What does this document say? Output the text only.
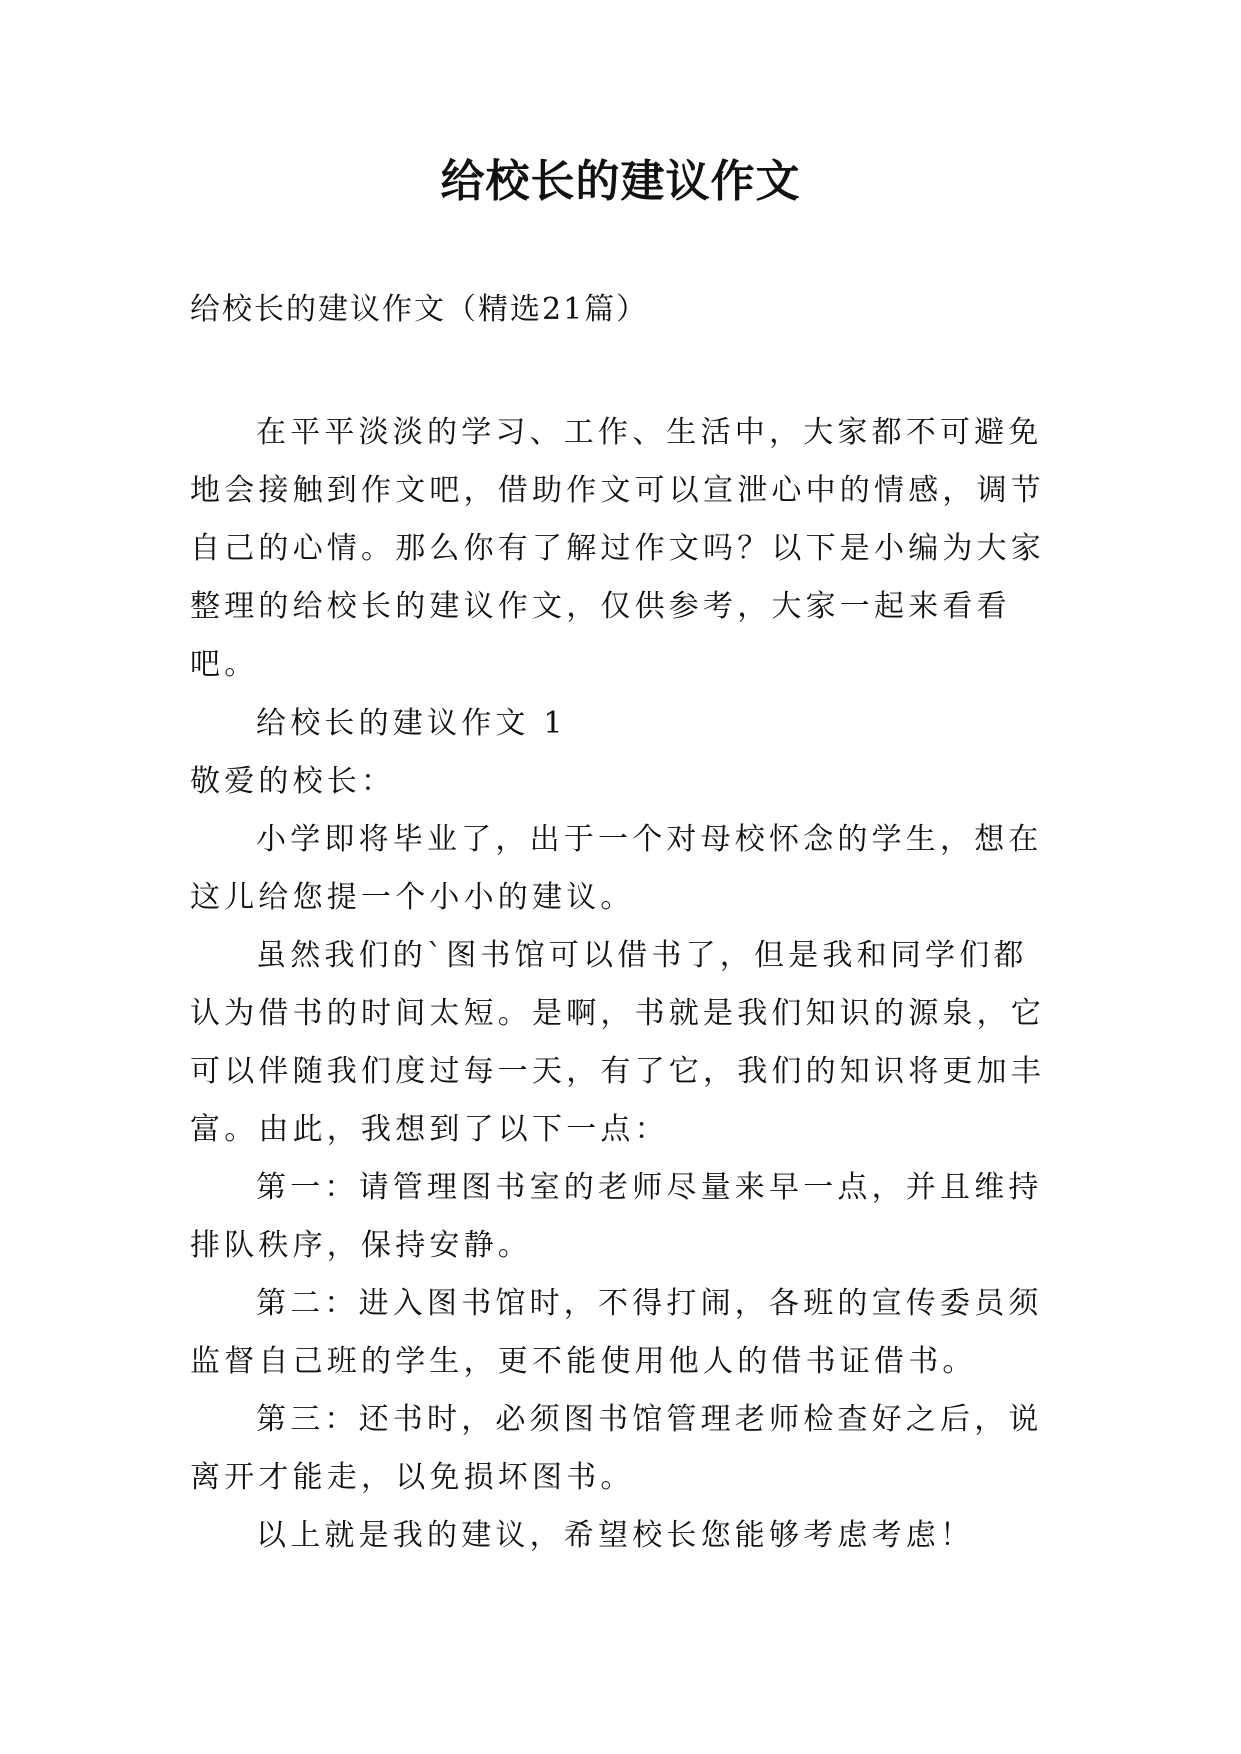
给校长的建议作文
给校长的建议作文（精选21篇）

在平平淡淡的学习、工作、生活中，大家都不可避免地会接触到作文吧，借助作文可以宣泄心中的情感，调节自己的心情。那么你有了解过作文吗？以下是小编为大家整理的给校长的建议作文，仅供参考，大家一起来看看吧。

给校长的建议作文 1

敬爱的校长：

小学即将毕业了，出于一个对母校怀念的学生，想在这儿给您提一个小小的建议。

虽然我们的`图书馆可以借书了，但是我和同学们都认为借书的时间太短。是啊，书就是我们知识的源泉，它可以伴随我们度过每一天，有了它，我们的知识将更加丰富。由此，我想到了以下一点：

第一：请管理图书室的老师尽量来早一点，并且维持排队秩序，保持安静。

第二：进入图书馆时，不得打闹，各班的宣传委员须监督自己班的学生，更不能使用他人的借书证借书。

第三：还书时，必须图书馆管理老师检查好之后，说离开才能走，以免损坏图书。

以上就是我的建议，希望校长您能够考虑考虑！
